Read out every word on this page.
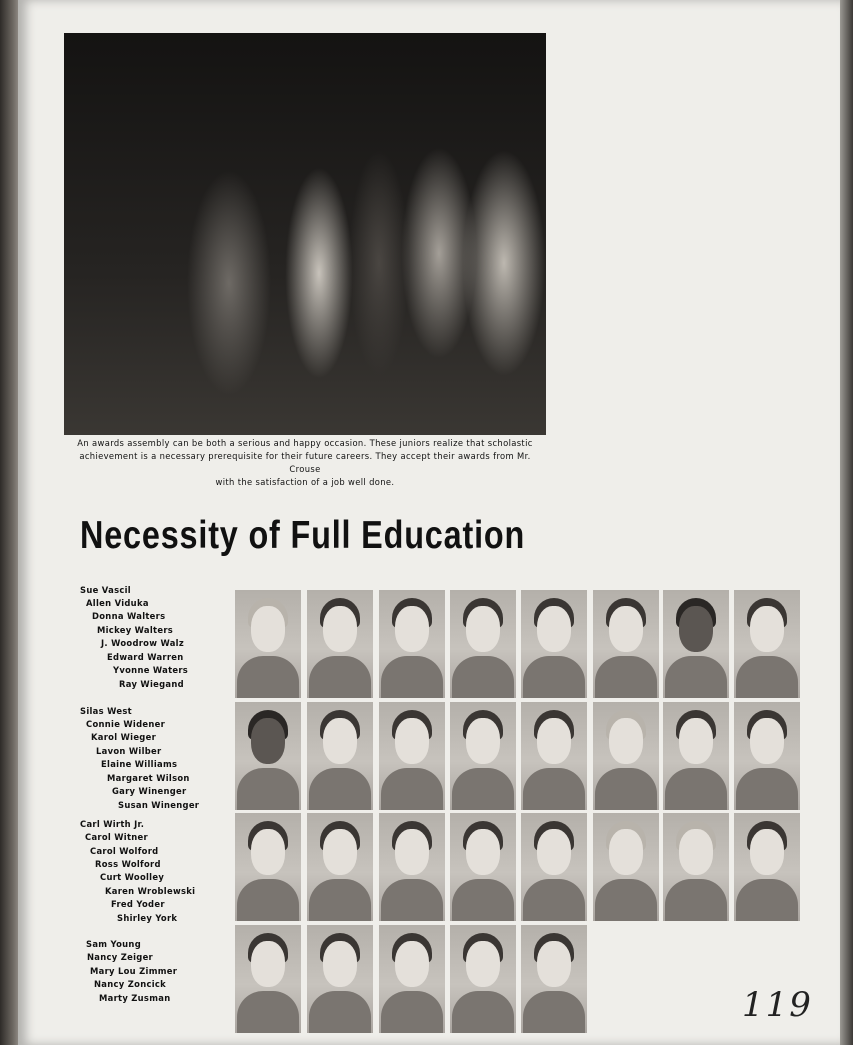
An awards assembly can be both a serious and happy occasion. These juniors realize that scholastic
achievement is a necessary prerequisite for their future careers. They accept their awards from Mr. Crouse
with the satisfaction of a job well done.
Necessity of Full Education
Sue Vascil
Allen Viduka
Donna Walters
Mickey Walters
J. Woodrow Walz
Edward Warren
Yvonne Waters
Ray Wiegand
Silas West
Connie Widener
Karol Wieger
Lavon Wilber
Elaine Williams
Margaret Wilson
Gary Winenger
Susan Winenger
Carl Wirth Jr.
Carol Witner
Carol Wolford
Ross Wolford
Curt Woolley
Karen Wroblewski
Fred Yoder
Shirley York
Sam Young
Nancy Zeiger
Mary Lou Zimmer
Nancy Zoncick
Marty Zusman	119
